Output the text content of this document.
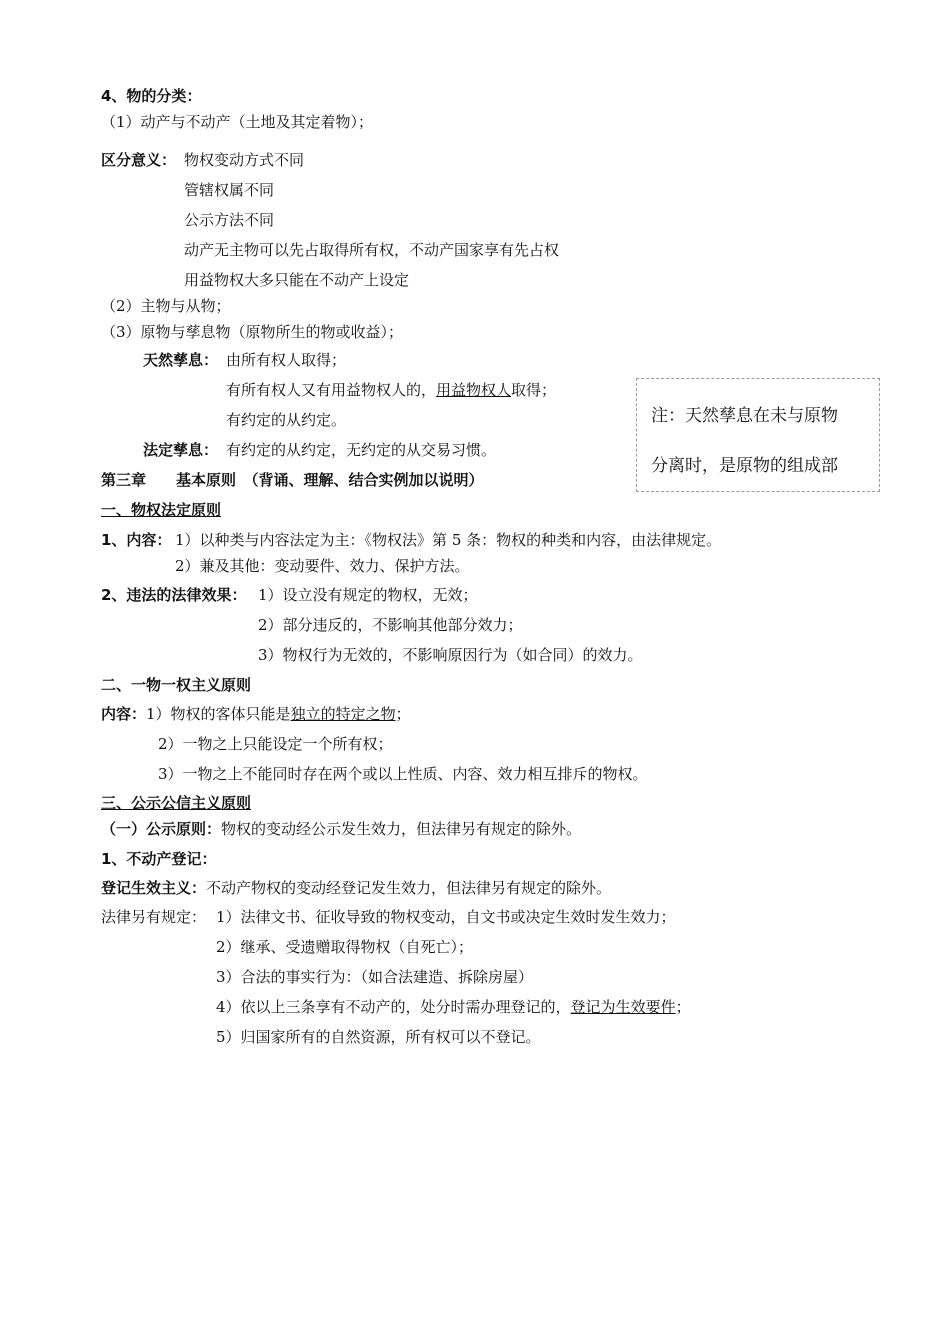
4、物的分类：
（1）动产与不动产（土地及其定着物）；
区分意义： 物权变动方式不同
管辖权属不同
公示方法不同
动产无主物可以先占取得所有权，不动产国家享有先占权
用益物权大多只能在不动产上设定
（2）主物与从物；
（3）原物与孳息物（原物所生的物或收益）；
天然孳息： 由所有权人取得；
有所有权人又有用益物权人的，用益物权人取得；
有约定的从约定。
法定孳息： 有约定的从约定，无约定的从交易习惯。
注：天然孳息在未与原物
分离时，是原物的组成部
第三章　　基本原则　（背诵、理解、结合实例加以说明）
一、物权法定原则
1、内容： 1）以种类与内容法定为主：《物权法》第 5 条：物权的种类和内容，由法律规定。
2）兼及其他：变动要件、效力、保护方法。
2、违法的法律效果： 1）设立没有规定的物权，无效；
2）部分违反的，不影响其他部分效力；
3）物权行为无效的，不影响原因行为（如合同）的效力。
二、一物一权主义原则
内容：1）物权的客体只能是独立的特定之物；
2）一物之上只能设定一个所有权；
3）一物之上不能同时存在两个或以上性质、内容、效力相互排斥的物权。
三、公示公信主义原则
（一）公示原则：物权的变动经公示发生效力，但法律另有规定的除外。
1、不动产登记：
登记生效主义：不动产物权的变动经登记发生效力，但法律另有规定的除外。
法律另有规定： 1）法律文书、征收导致的物权变动，自文书或决定生效时发生效力；
2）继承、受遗赠取得物权（自死亡）；
3）合法的事实行为：（如合法建造、拆除房屋）
4）依以上三条享有不动产的，处分时需办理登记的，登记为生效要件；
5）归国家所有的自然资源，所有权可以不登记。
